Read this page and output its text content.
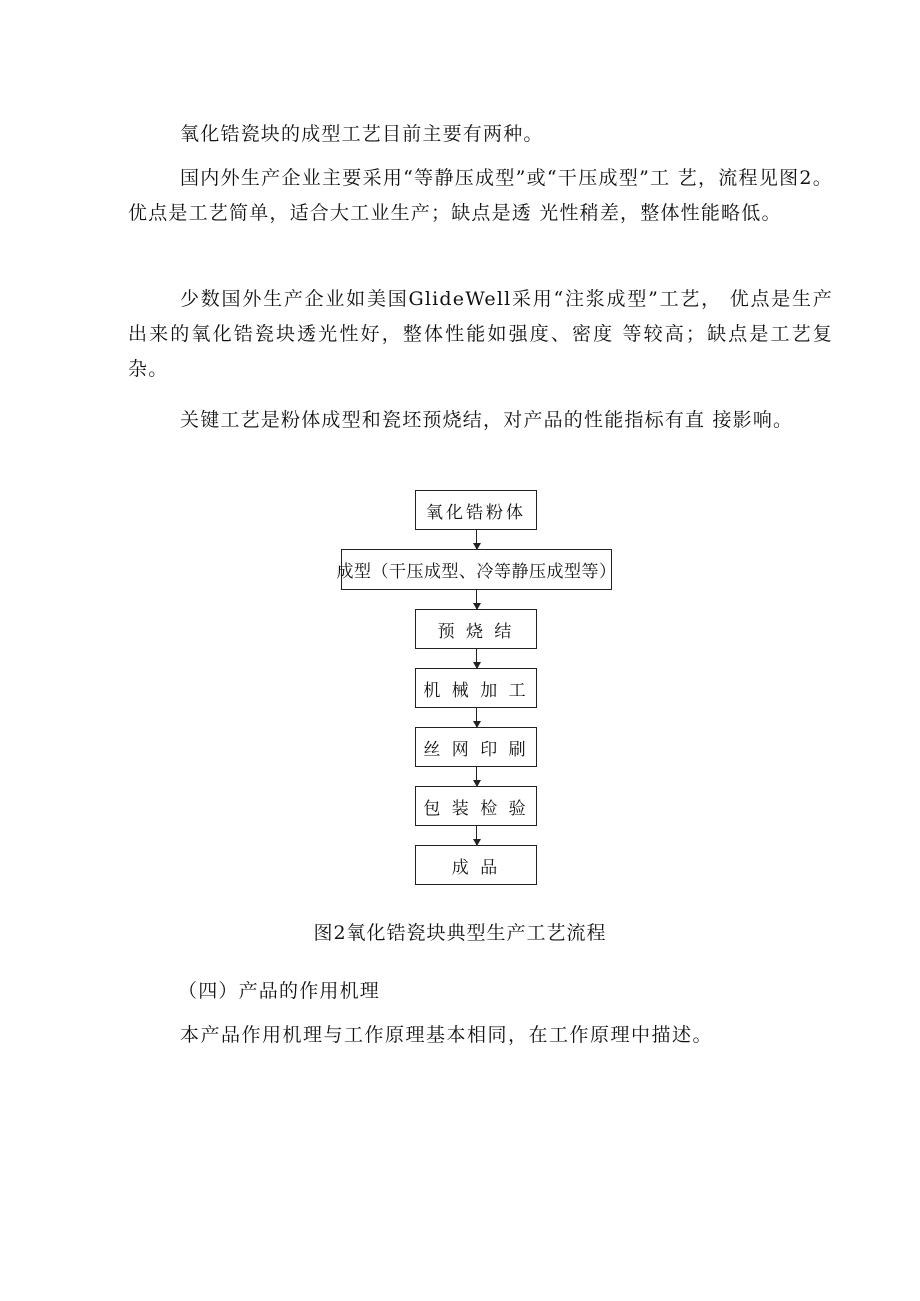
氧化锆瓷块的成型工艺目前主要有两种。

国内外生产企业主要采用“等静压成型”或“干压成型”工 艺，流程见图2。优点是工艺简单，适合大工业生产；缺点是透 光性稍差，整体性能略低。

少数国外生产企业如美国GlideWell采用“注浆成型”工艺， 优点是生产出来的氧化锆瓷块透光性好，整体性能如强度、密度 等较高；缺点是工艺复杂。

关键工艺是粉体成型和瓷坯预烧结，对产品的性能指标有直 接影响。

氧化锆粉体
成型（干压成型、冷等静压成型等）
预 烧 结
机 械 加 工
丝 网 印 刷
包 装 检 验
成 品
图2氧化锆瓷块典型生产工艺流程
（四）产品的作用机理
本产品作用机理与工作原理基本相同，在工作原理中描述。
